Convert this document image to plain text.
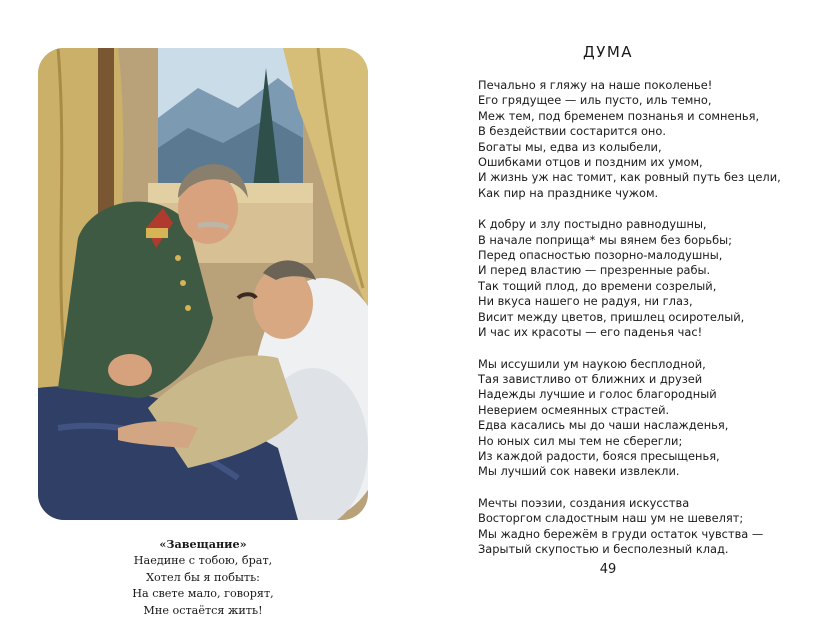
«Завещание»
Наедине с тобою, брат,
Хотел бы я побыть:
На свете мало, говорят,
Мне остаётся жить!
ДУМА
Печально я гляжу на наше поколенье!
Его грядущее — иль пусто, иль темно,
Меж тем, под бременем познанья и сомненья,
В бездействии состарится оно.
Богаты мы, едва из колыбели,
Ошибками отцов и поздним их умом,
И жизнь уж нас томит, как ровный путь без цели,
Как пир на празднике чужом.
К добру и злу постыдно равнодушны,
В начале поприща* мы вянем без борьбы;
Перед опасностью позорно-малодушны,
И перед властию — презренные рабы.
Так тощий плод, до времени созрелый,
Ни вкуса нашего не радуя, ни глаз,
Висит между цветов, пришлец осиротелый,
И час их красоты — его паденья час!
Мы иссушили ум наукою бесплодной,
Тая завистливо от ближних и друзей
Надежды лучшие и голос благородный
Неверием осмеянных страстей.
Едва касались мы до чаши наслажденья,
Но юных сил мы тем не сберегли;
Из каждой радости, бояся пресыщенья,
Мы лучший сок навеки извлекли.
Мечты поэзии, создания искусства
Восторгом сладостным наш ум не шевелят;
Мы жадно бережём в груди остаток чувства —
Зарытый скупостью и бесполезный клад.
49
